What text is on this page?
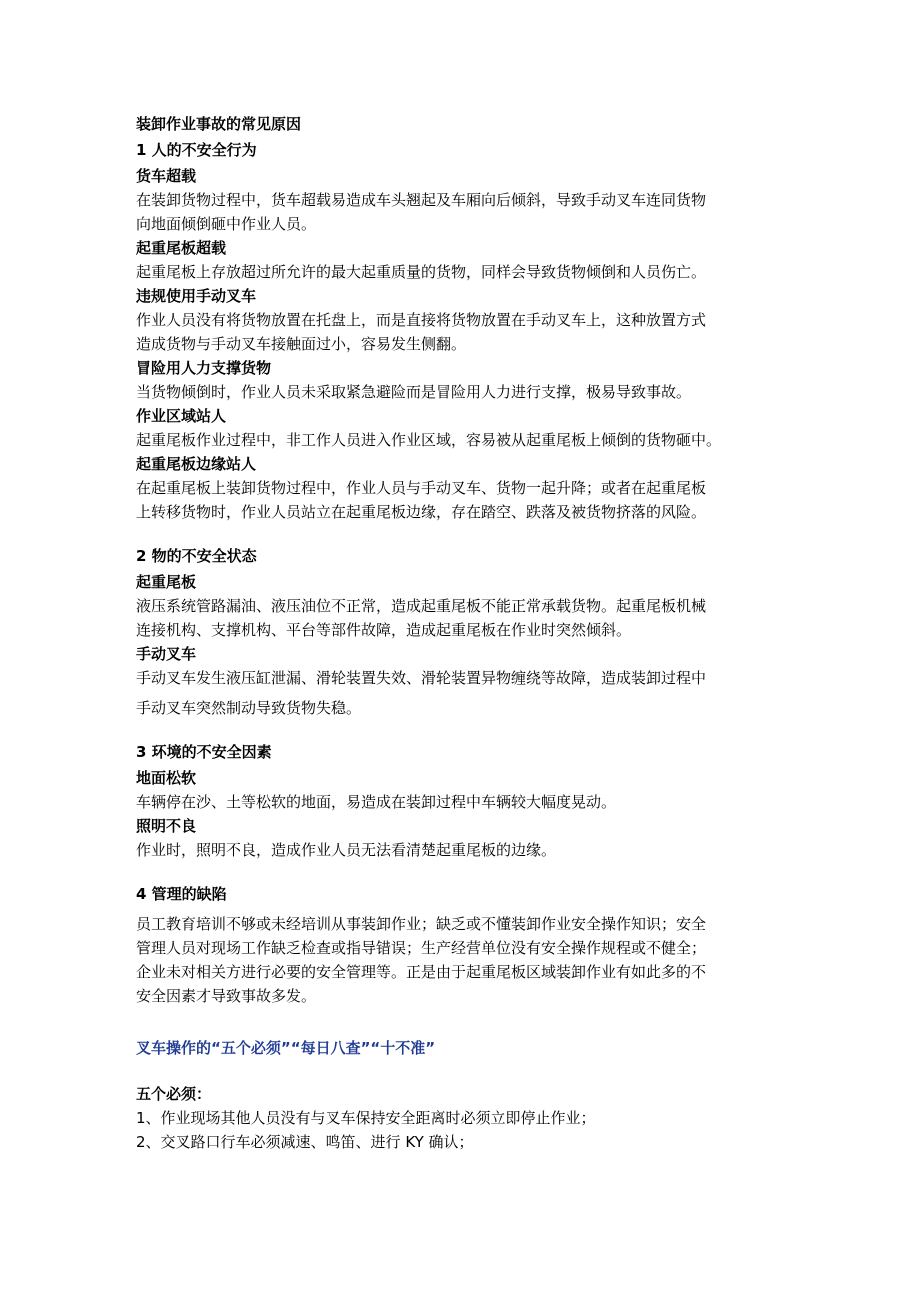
装卸作业事故的常见原因
1 人的不安全行为
货车超载
在装卸货物过程中，货车超载易造成车头翘起及车厢向后倾斜，导致手动叉车连同货物
向地面倾倒砸中作业人员。
起重尾板超载
起重尾板上存放超过所允许的最大起重质量的货物，同样会导致货物倾倒和人员伤亡。
违规使用手动叉车
作业人员没有将货物放置在托盘上，而是直接将货物放置在手动叉车上，这种放置方式
造成货物与手动叉车接触面过小，容易发生侧翻。
冒险用人力支撑货物
当货物倾倒时，作业人员未采取紧急避险而是冒险用人力进行支撑，极易导致事故。
作业区域站人
起重尾板作业过程中，非工作人员进入作业区域，容易被从起重尾板上倾倒的货物砸中。
起重尾板边缘站人
在起重尾板上装卸货物过程中，作业人员与手动叉车、货物一起升降；或者在起重尾板
上转移货物时，作业人员站立在起重尾板边缘，存在踏空、跌落及被货物挤落的风险。
2 物的不安全状态
起重尾板
液压系统管路漏油、液压油位不正常，造成起重尾板不能正常承载货物。起重尾板机械
连接机构、支撑机构、平台等部件故障，造成起重尾板在作业时突然倾斜。
手动叉车
手动叉车发生液压缸泄漏、滑轮装置失效、滑轮装置异物缠绕等故障，造成装卸过程中
手动叉车突然制动导致货物失稳。
3 环境的不安全因素
地面松软
车辆停在沙、土等松软的地面，易造成在装卸过程中车辆较大幅度晃动。
照明不良
作业时，照明不良，造成作业人员无法看清楚起重尾板的边缘。
4 管理的缺陷
员工教育培训不够或未经培训从事装卸作业；缺乏或不懂装卸作业安全操作知识；安全
管理人员对现场工作缺乏检查或指导错误；生产经营单位没有安全操作规程或不健全；
企业未对相关方进行必要的安全管理等。正是由于起重尾板区域装卸作业有如此多的不
安全因素才导致事故多发。
叉车操作的“五个必须”“每日八查”“十不准”
五个必须：
1、作业现场其他人员没有与叉车保持安全距离时必须立即停止作业；
2、交叉路口行车必须减速、鸣笛、进行 KY 确认；
